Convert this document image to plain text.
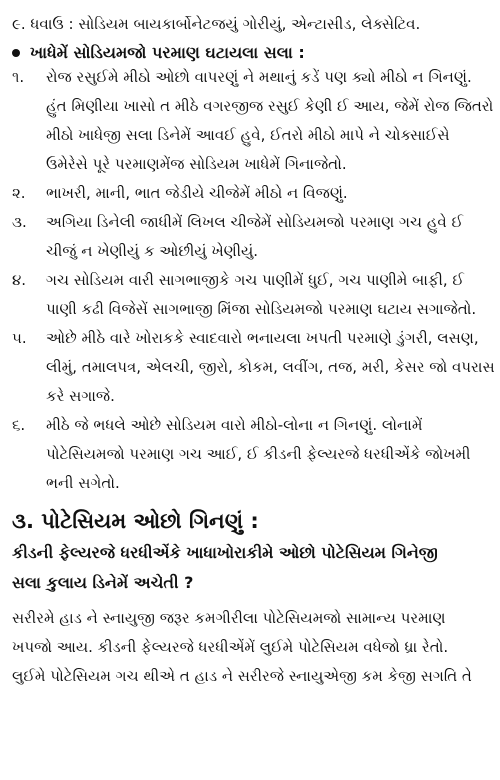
૯. ધવાઉ : સોડિયમ બાયકાર્બોનેટજયું ગોરીયું, એન્ટાસીડ, લેક્સેટિવ.
ખાધેમેં સોડિયમજો પરમાણ ઘટાયલા સલા :
૧.	રોજ રસુઈમે મીઠો ઓછો વાપરણું ને મથાનું કડેં પણ ક્યો મીઠો ન ગિનણું.
હુંત મિણીયા ખાસો ત મીઠે વગરજીજ રસુઈ કેણી ઈ આય, જેમેં રોજ જિતરો
મીઠો ખાધેજી સલા ડિનેમેં આવઈ હુવે, ઈતરો મીઠો માપે ને ચોક્સાઈસે
ઉમેરેસે પૂરે પરમાણમેંજ સોડિયમ ખાધેમેં ગિનાજેતો.
૨.	ભાખરી, માની, ભાત જેડીયે ચીજેમેં મીઠો ન વિજણું.
૩.	અગિયા ડિનેલી જાધીમેં લિખલ ચીજેમેં સોડિયમજો પરમાણ ગચ હુવે ઈ
ચીજું ન ખેણીયું ક ઓછીયું ખેણીયું.
૪.	ગચ સોડિયમ વારી સાગભાજીકે ગચ પાણીમેં ધુઈ, ગચ પાણીમે બાફી, ઈ
પાણી કઢી વિજેસેં સાગભાજી મિંજા સોડિયમજો પરમાણ ઘટાય સગાજેતો.
૫.	ઓછે મીઠે વારે ખોરાકકે સ્વાદવારો ભનાયલા ખપતી પરમાણે ડુંગરી, લસણ,
લીમું, તમાલપત્ર, એલચી, જીરો, કોકમ, લવીંગ, તજ, મરી, કેસર જો વપરાસ
કરે સગાજે.
૬.	મીઠે જે ભધલે ઓછે સોડિયમ વારો મીઠો-લોના ન ગિનણું. લોનામેં
પોટેસિયમજો પરમાણ ગચ આઈ, ઈ કીડની ફેલ્યરજે ધરધીએંકે જોખમી
ભની સગેતો.
૩. પોટેસિયમ ઓછો ગિનણું :
કીડની ફેલ્યરજે ધરધીએંકે ખાધાખોરાકીમે ઓછો પોટેસિયમ ગિનેજી
સલા કુલાય ડિનેમેં અચેતી ?
સરીરમે હાડ ને સ્નાયુજી જરૂર કમગીરીલા પોટેસિયમજો સામાન્ય પરમાણ
ખપજો આય. કીડની ફેલ્યરજે ધરધીએંમેં લુઈમે પોટેસિયમ વધેજો ધ્રા રેતો.
લુઈમે પોટેસિયમ ગચ થીએ ત હાડ ને સરીરજે સ્નાયુએજી કમ કેજી સગતિ તે
